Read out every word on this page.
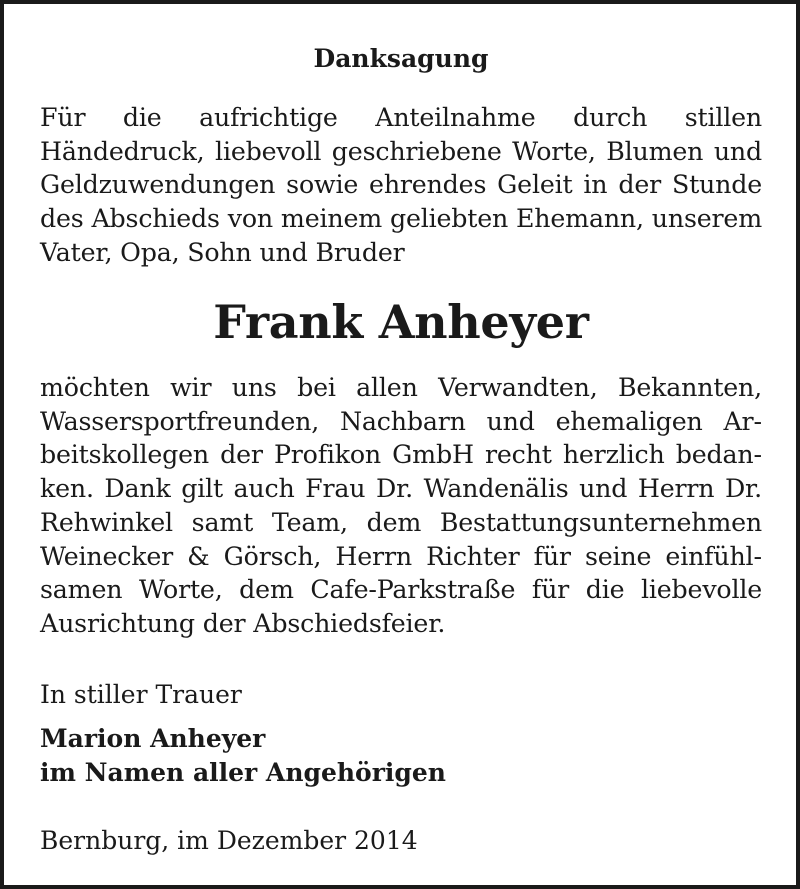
Danksagung
Für die aufrichtige Anteilnahme durch stillen Händedruck, liebevoll geschriebene Worte, Blumen und Geldzuwendungen sowie ehrendes Geleit in der Stunde des Abschieds von meinem geliebten Ehemann, unserem Vater, Opa, Sohn und Bruder
Frank Anheyer
möchten wir uns bei allen Verwandten, Bekannten, Wassersportfreunden, Nachbarn und ehemaligen Arbeitskollegen der Profikon GmbH recht herzlich bedanken. Dank gilt auch Frau Dr. Wandenälis und Herrn Dr. Rehwinkel samt Team, dem Bestattungsunternehmen Weinecker & Görsch, Herrn Richter für seine einfühlsamen Worte, dem Cafe-Parkstraße für die liebevolle Ausrichtung der Abschiedsfeier.
In stiller Trauer
Marion Anheyer
im Namen aller Angehörigen
Bernburg, im Dezember 2014
